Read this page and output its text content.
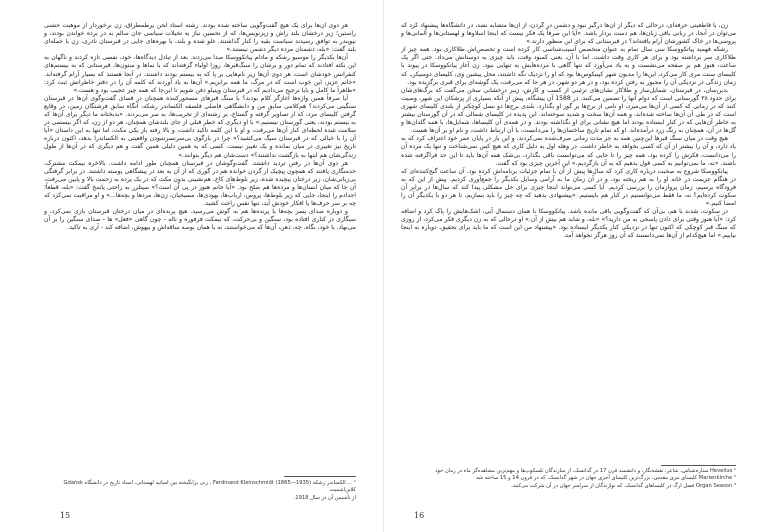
هر دوی آن‌ها برای یک هیچ گفت‌وگویی ساخته شده بودند. رشته استاد لحن پرطمطراق، زن برخوردار از موهبت خشنی راستین؛ زیر درخشان بلند راش و زیرنویس‌ها، که از تحسین نیاز به تخیلات سیاسی جان سالم به در برده خواندن بودند، و نیوپندر به توافق رسیدند سیاست بقیه را کنار گذاشتند. غلو شده و بلند، با بهره‌های جایی در قبرستان نادری، زن با جمله‌ای بلند گفت: «بله، دشمنان مرده دیگر دشمن نیستند.»

آن‌ها یکدیگر را موسیو رشکه و مادام پیاتکووسکا صدا می‌زدند. بعد از تبادل دیدگاه‌ها، خود، نفسی تازه کردند و ناگهان به این نکته افتادند که تمام دور و برشان را سنگ‌قبرها، روزا اولیاء گرفته‌اند که با نماها و ستون‌ها، قبرستانی که به بیستم‌های کنفرانس خودشان است، هر دوی آن‌ها زیر نام‌هایی بر پا که به بیستم بودند داشتند، در آنجا هستند که بسیار آرام گرفته‌اند. «خانم عزیز، این خوب است که در مرگ، ما همه برابریم.» آن‌ها به یاد آوردند که کلمه آن را در دفتر خاطراتش ثبت کرد: «ظاهراً ما کامل و بایا ترجیح می‌دادیم که در قبرستان وینیلو دفن شویم تا این‌جا که همه چیز عجیب بود و هست.»

آیا صرفاً همین واژه‌ها آغازگر کلام بودند؟ با سنگ قبرهای مسحورکننده همچنان در فضای گفت‌وگوی آن‌ها در قبرستان سنگینی می‌کردند؟ هم‌کلامی سابق من و دانشگاهی فاضلی فلسفه الکساندر رشکه، آنگاه سابق فرشتگان زمین، در وقایع گرفتن کلیسای مرد، که از تصاویر گرفته و گستاخ، بر رشته‌ای از تخریب‌ها، به سر می‌بردند. «بدبختانه ما دیگر برای آن‌ها که به بیستم بودند، یعنی گورستان نیستیم.» با او دیگری که خطر قبلی از جای بلند‌شان همچنان، هر دو از زن، که اگر بیستمی در سلامت ‌‌‌‌‌شده لحظه‌‌‌ای کنار آن‌ها می‌رفت، و او با این کلمه تاکید داشت، و بالا رفته باز یکی مکث، اما تنها به این داستان «آیا آن را با خیالی که در قبرستان سیگ می‌کشید؟» چرا در بازگوی بی‌سرنسرتنبودن واقعیتی به الکساندرا بدهد، اکنون درباره تاریخ نیز تغییری در میان نمانده و یک تغییر نیست. کسی که به همین دلیلی همین گفت و هم دیگری که در آن‌ها از طول زندگی‌شان هم اینها به بازگشت نداشتند؟» دست‌شان هم دیگر بتوانند.»

هر دوی آن‌ها در رفتن تردید داشتند. گفت‌وگوشان در قبرستان همچنان طور ادامه داشت. بالاخره نیمکت مشترک، خدمتگاری یافتند که همچون پیچیک از گردن خوانده هم در گوری که از آن به بعد در پیشگاهی پوسته داشتند. در برابر گرفتگی بی‌زبانی‌شان، زیر درختان پیچیده شده، زیر بلوط‌های کاخ، هم‌نشینی بدون مکث که در یک پرده به زحمت بالا و پایین می‌رفت، آن جا که میان انسان‌ها و مرده‌ها هم صلح بود. «آیا خانم هنوز در پی آن است؟» سیتلزر به راحتی پاسخ گفت: «بله، قطعاً؛ اجدادم را اینجا، جایی که زیر بلوط‌ها، پروس، ارباب‌ها، یهودی‌ها، مسیحیان، زن‌ها، مردها و بچه‌ها...» و او مراقبت نمی‌کرد که چه بر سر حرف‌ها یا افکار خودش آید، تنها نفس راحت کشید.

و دوباره صدای پسر بچه‌ها یا پرنده‌ها هم به گوش می‌رسید. هیچ پرنده‌ای در میان درختان قبرستان بازی نمی‌کرد، و سیگاری در کناری افتاده بود، سنگین و بی‌حرکت، که نیمکت فرفوره و ناله - چون گاهی «فعل» ‌ها - صدای سنگین را بر آن می‌نهاد. با خود، نگاه، چه، ذهن، آن‌ها که می‌خواستند، نه با همان بوسه ساقه‌اش و بیهوش، اضافه کند - آری به تاکید.

¹ ... الکساندر رشکه Ferdinand Kleinschmidt (1865—1935) ، زنی برانگیخته بین اساتید لهستانی، استاد تاریخ در دانشگاه Gdańsk کلاین‌اشمیت
از تأسیس آن در سال 1918.
15

زن، با قاطعیتی حرفه‌ای، درحالی که دیگر از آن‌ها درگیر نبود و دشمن در گردن، از آن‌ها متشابه نشد، در دانشگاه‌ها پیشنهاد کرد که می‌توان در آنجا، در زبانی باقی زبان‌ها، هم دست بردار باشد. «آیا این صرفاً یک فکر نیست که اینجا اسلاوها و لهستانی‌ها و آلمانی‌ها و پروسی‌ها در خاک کشورشان آرام یافته‌اند؟ در قبرستانی که برای این منظور دارند.»

رشکه فهمید پیاتکووسکا سی سال تمام به عنوان متخصص آسیب‌شناسی کار کرده است و تخصص‌اش طلاکاری بود. همه چیز از طلاکاری سر برداشته بود و برای هر کاری وقت داشت. اما با آن، یعنی کمبود وقت، باید چیزی به دوستانش می‌داد. حتی اگر یک ساعت، هنوز هم بر صفحه می‌نشست و به یاد می‌آورد که تنها گاهی با مرده‌هایش به تنهایی نبود. زن آغاز پیاتکووسکا در پیوند با کلیسای سنت مری کار می‌کرد، این‌ها را مدیون شهر کپنیکوس‌ها بود که او را نزدیک نگه داشتند، محل پیشین وی، کلیسای دومنیکن، که زمان زندگی در نزدیکی آن را مجبور به رفتن کرده بود، و در هر دو شهر، در هر جا که می‌رفت، یک گوشه‌ای برای قبری برگزیده بود.

بدین‌سان، در قبرستان، شمایل‌ساز و طلاکار نشان‌های تزئینی از کسب و کارش، زیبر درخشانی سخن می‌گفت که برگ‌های‌شان برای حدود ۳۸ گورستانی است که دوام آنها را تضمین می‌کنند. در 1588 آن پیشگاه، پیش از آنکه بسیاری از پزشکان این شهر، وصیت کنند که در زمانی که کسی از آن‌ها می‌میرد، او نامی از برج‌ها بر گور او بگذارد. بلندی برج‌ها دو نسل کوچکتر از بلندی کلیسای شهری است که در طی آن آن‌ها ساخته شده‌اند، و همه آن‌ها سخت و شدید سوخته‌اند. این پدیده در کلیسای شمالی که در آن گورستان بیشتر به خاطر آن‌هایی که در کنار ایستاده بودند اما هیچ نشانی برای او نگذاشته بودند. و در همه‌ی آن کلیساها، شمایل‌ها، با همه گلدان‌ها و گل‌ها در آن، همچنان به رنگ زرد درآمده‌اند. او که تمام تاریخ ساختمان‌ها را می‌دانست، با آن ارتباط داشت، و نام او بر آن‌ها هست.

هیچ وقت در میان سنگ قبرها این‌چنین همه به جز مدت زمانی صرف‌شده نمی‌کردند، و این بار در پایان عمر خود اعتراف کرد که به یاد دارد، و آن را بیشتر از آن که کسی بخواهد به خاطر داشت. در وهله اول به دلیل کاری که هیچ کس نمی‌شناخت و تنها یک مرده آن را می‌دانست، فکرش را کرده بود، همه چیز را تا جایی که می‌توانست باقی بگذارد، بی‌شک همه آن‌ها باید تا این حد فراگرفته شده باشند. «نه، ما نمی‌توانیم به کسی قول بدهیم که به آن بازگردیم.» این آخرین چیزی بود که گفت.

پیاتکووسکا شروع به صحبت درباره کاری کرد که سال‌ها پیش از آن با تمام جزئیات برنامه‌اش کرده بود. آن ساعت گیج‌کننده‌ای که در هنگام عزیمت در خانه او را به هم ریخته بود، و در آن زمان ما به آرامی وسایل یکدیگر را جمع‌آوری کردیم. پیش از این که به فرودگاه برسیم، زمان پروازمان را بررسی کردیم. آیا کسی می‌تواند اینجا چیزی برای حل مشکلی پیدا کند که سال‌ها در برابر آن سکوت کرده‌ایم؟ نه، ما فقط می‌توانستیم در کنار هم بایستیم. «پیشنهادی بدهید که چه چیز را باید بسازیم، تا هر دو با یکدیگر آن را امضا کنیم.»

در سکوت، شدند با هم، بی‌آن که گفت‌وگویی باقی مانده باشد. پیاتکووسکا با همان دستمال آبی، اشک‌هایش را پاک کرد و اضافه کرد: «آیا هنوز وقتی برای دادن پاسخی به من دارید؟» «بله، و شاید هم بیش از آن.» او درحالی که به زن دیگری فکر می‌کرد، از روزی که سنگ قبر کوچکی که اکنون تنها در نزدیکی کنار یکدیگر ایستاده بود. «پیشنهاد من این است که ما باید برای تحقیق، دوباره به اینجا بیاییم.» اما هیچ‌کدام از آن‌ها نمی‌دانستند که آن روز هرگز نخواهد آمد.

¹ Hevelius ستاره‌شناس، شاعر، نقشه‌نگار، و دانشمند قرن 17 در گدانسک، از سازندگان تلسکوپ‌ها و مهم‌ترین مشاهده‌گر ماه در زمان خود
² Marienkirche کلیسای مری مقدس، بزرگ‌ترین کلیسای آجری جهان در شهر گدانسک، که در قرون 14 و 15 ساخته شد
³ Organ Season فصل ارگ در کلیساهای گدانسک، که نوازندگان از سراسر جهان در آن شرکت می‌کنند.
16
